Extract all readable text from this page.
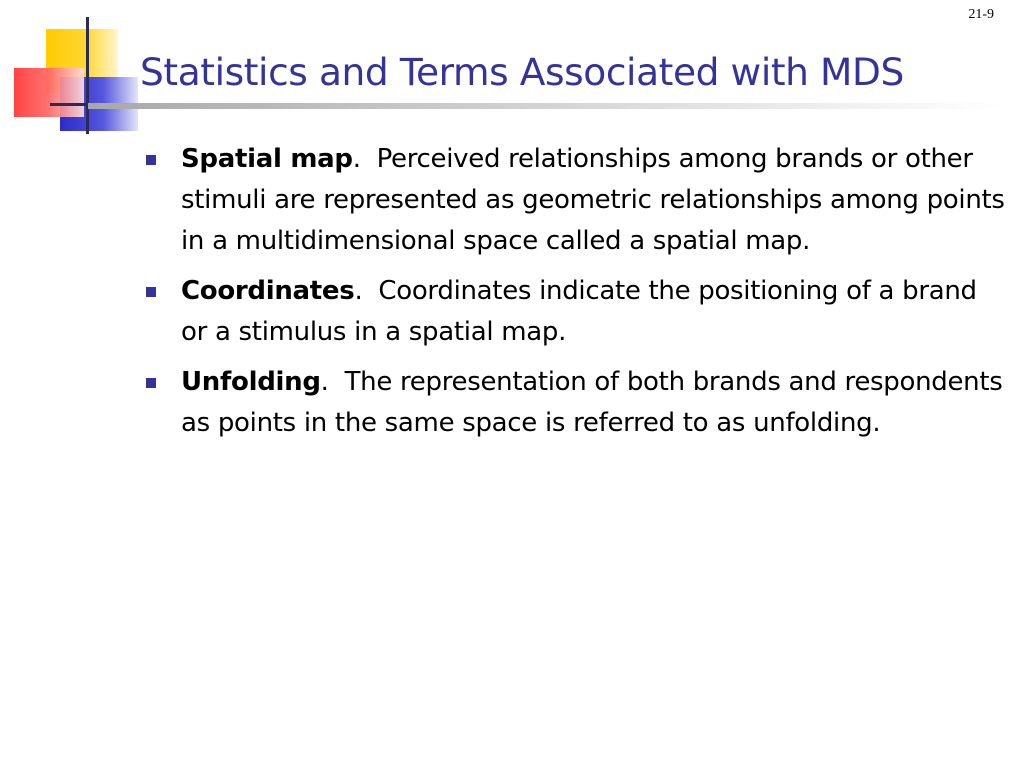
21-9
Statistics and Terms Associated with MDS
Spatial map.  Perceived relationships among brands or other stimuli are represented as geometric relationships among points in a multidimensional space called a spatial map.
Coordinates.  Coordinates indicate the positioning of a brand or a stimulus in a spatial map.
Unfolding.  The representation of both brands and respondents as points in the same space is referred to as unfolding.
